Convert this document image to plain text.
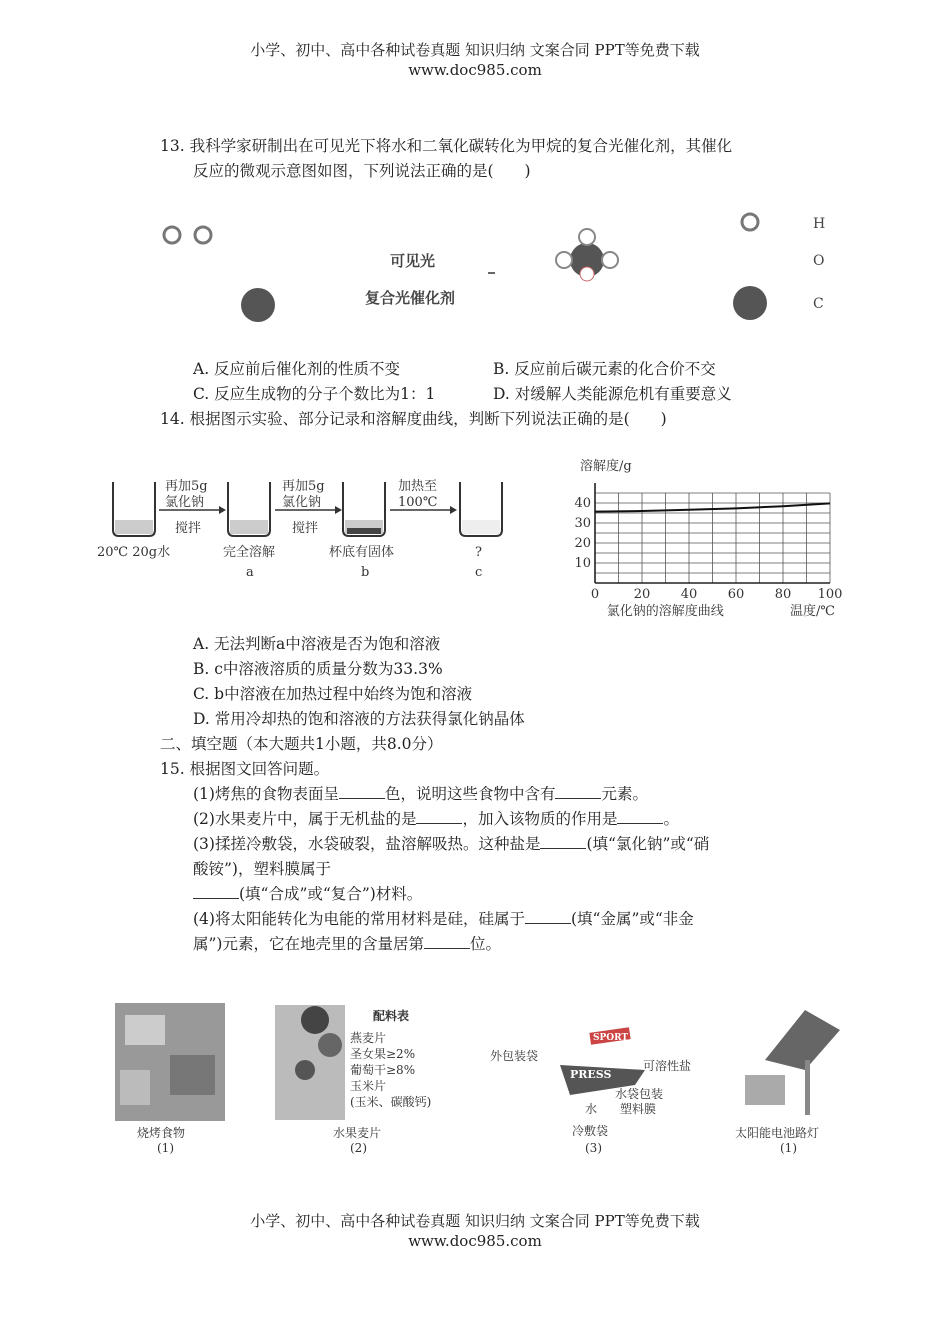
小学、初中、高中各种试卷真题 知识归纳 文案合同 PPT等免费下载
www.doc985.com
13. 我科学家研制出在可见光下将水和二氧化碳转化为甲烷的复合光催化剂，其催化
反应的微观示意图如图，下列说法正确的是(　　)
可见光
复合光催化剂
H
O
C
A. 反应前后催化剂的性质不变	B. 反应前后碳元素的化合价不交
C. 反应生成物的分子个数比为1：1	D. 对缓解人类能源危机有重要意义
14. 根据图示实验、部分记录和溶解度曲线，判断下列说法正确的是(　　)
20℃ 20g水
再加5g
氯化钠
搅拌
完全溶解
a
再加5g
氯化钠
搅拌
杯底有固体
b
加热至
100℃
?
c
0	20 40 60 80 100
10
20
30
40
溶解度/g
氯化钠的溶解度曲线	温度/℃
A. 无法判断a中溶液是否为饱和溶液
B. c中溶液溶质的质量分数为33.3%
C. b中溶液在加热过程中始终为饱和溶液
D. 常用冷却热的饱和溶液的方法获得氯化钠晶体
二、填空题（本大题共1小题，共8.0分）
15. 根据图文回答问题。
(1)烤焦的食物表面呈	色，说明这些食物中含有	元素。
(2)水果麦片中，属于无机盐的是	，加入该物质的作用是	。
(3)揉搓冷敷袋，水袋破裂，盐溶解吸热。这种盐是	(填“氯化钠”或“硝
酸铵”)，塑料膜属于
(填“合成”或“复合”)材料。
(4)将太阳能转化为电能的常用材料是硅，硅属于	(填“金属”或“非金
属”)元素，它在地壳里的含量居第	位。
烧烤食物
(1)
配料表
燕麦片
圣女果≥2%
葡萄干≥8%
玉米片
(玉米、碳酸钙)
水果麦片
(2)
SPORT
PRESS
外包装袋
可溶性盐
水
水袋包装
塑料膜
冷敷袋
(3)
太阳能电池路灯
(1)
小学、初中、高中各种试卷真题 知识归纳 文案合同 PPT等免费下载
www.doc985.com
